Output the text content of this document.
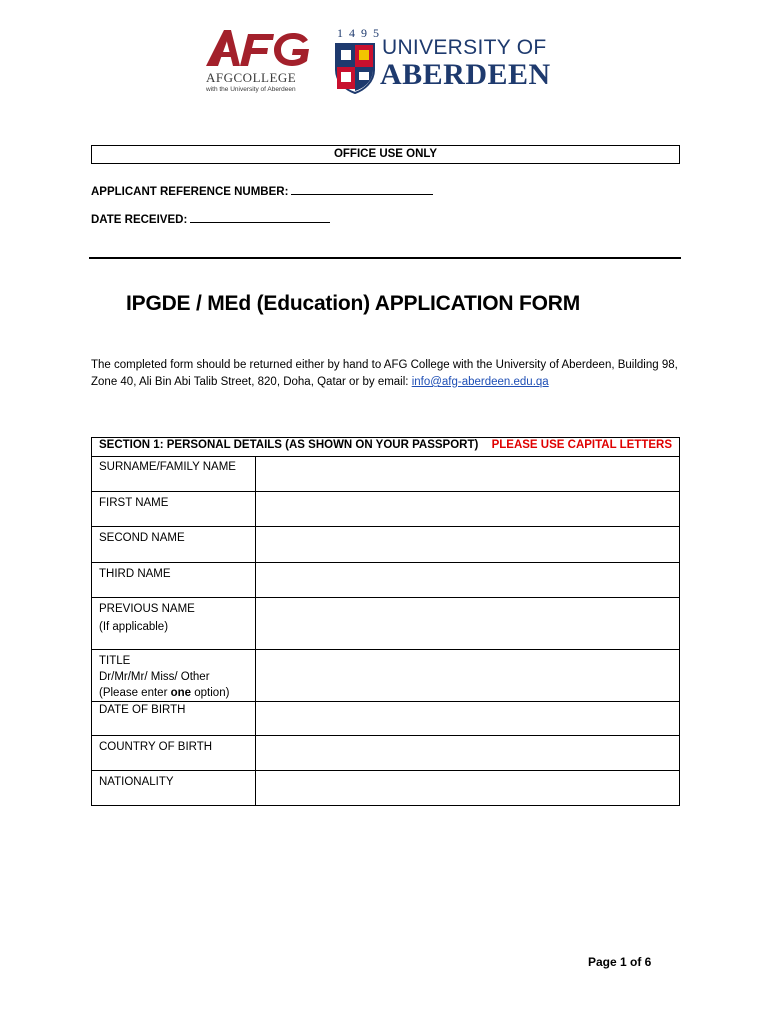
AFGCOLLEGE
with the University of Aberdeen
1495
UNIVERSITY OF
ABERDEEN
OFFICE USE ONLY
APPLICANT REFERENCE NUMBER:
DATE RECEIVED:
IPGDE / MEd (Education) APPLICATION FORM
The completed form should be returned either by hand to AFG College with the University of Aberdeen, Building 98, Zone 40, Ali Bin Abi Talib Street, 820, Doha, Qatar or by email: info@afg-aberdeen.edu.qa
SECTION 1: PERSONAL DETAILS (AS SHOWN ON YOUR PASSPORT) PLEASE USE CAPITAL LETTERS	

SURNAME/FAMILY NAME	
FIRST NAME	
SECOND NAME	
THIRD NAME	

PREVIOUS NAME
(If applicable)	

TITLE
Dr/Mr/Mr/ Miss/ Other
(Please enter one option)	

DATE OF BIRTH	
COUNTRY OF BIRTH	
NATIONALITY	
Page 1 of 6
